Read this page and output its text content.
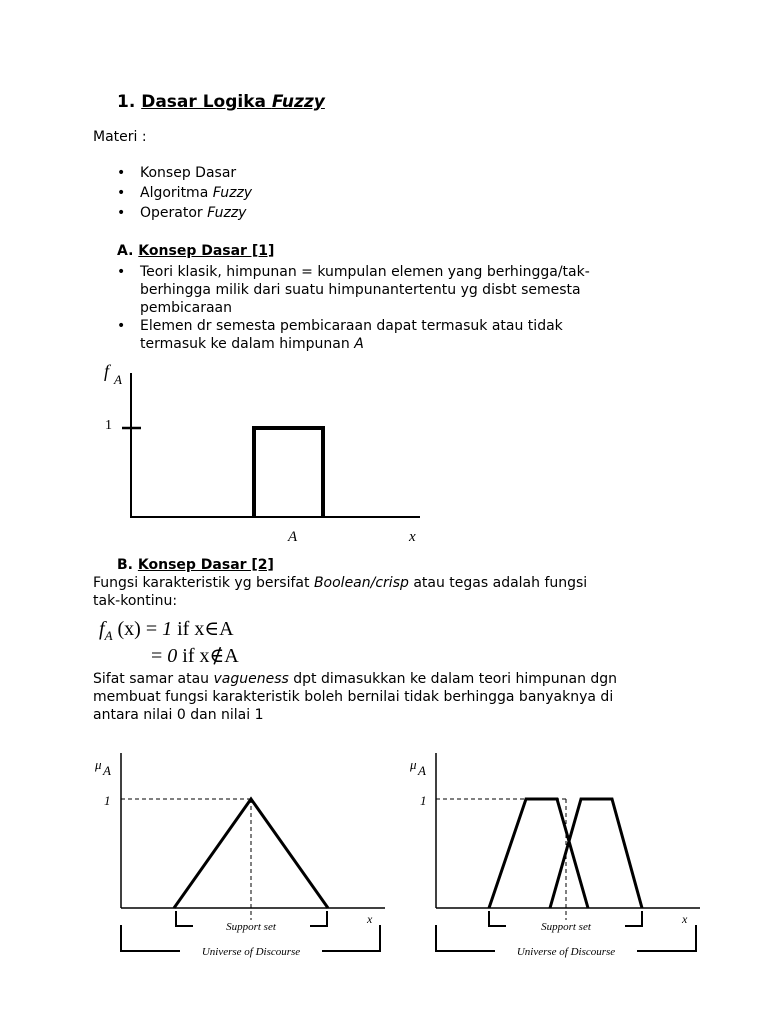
1. Dasar Logika Fuzzy
Materi :
• Konsep Dasar
• Algoritma Fuzzy
• Operator Fuzzy
A. Konsep Dasar [1]
• Teori klasik, himpunan = kumpulan elemen yang berhingga/tak-
berhingga milik dari suatu himpunantertentu yg disbt semesta
pembicaraan
• Elemen dr semesta pembicaraan dapat termasuk atau tidak
termasuk ke dalam himpunan A
f A
1
A	x
B. Konsep Dasar [2]
Fungsi karakteristik yg bersifat Boolean/crisp atau tegas adalah fungsi
tak-kontinu:
$f_A$ (x) = 1 if x∈A
= 0 if x∉A
Sifat samar atau vagueness dpt dimasukkan ke dalam teori himpunan dgn
membuat fungsi karakteristik boleh bernilai tidak berhingga banyaknya di
antara nilai 0 dan nilai 1
μ A
1
x
Support set
Universe of Discourse
μ A
1
x
Support set
Universe of Discourse
